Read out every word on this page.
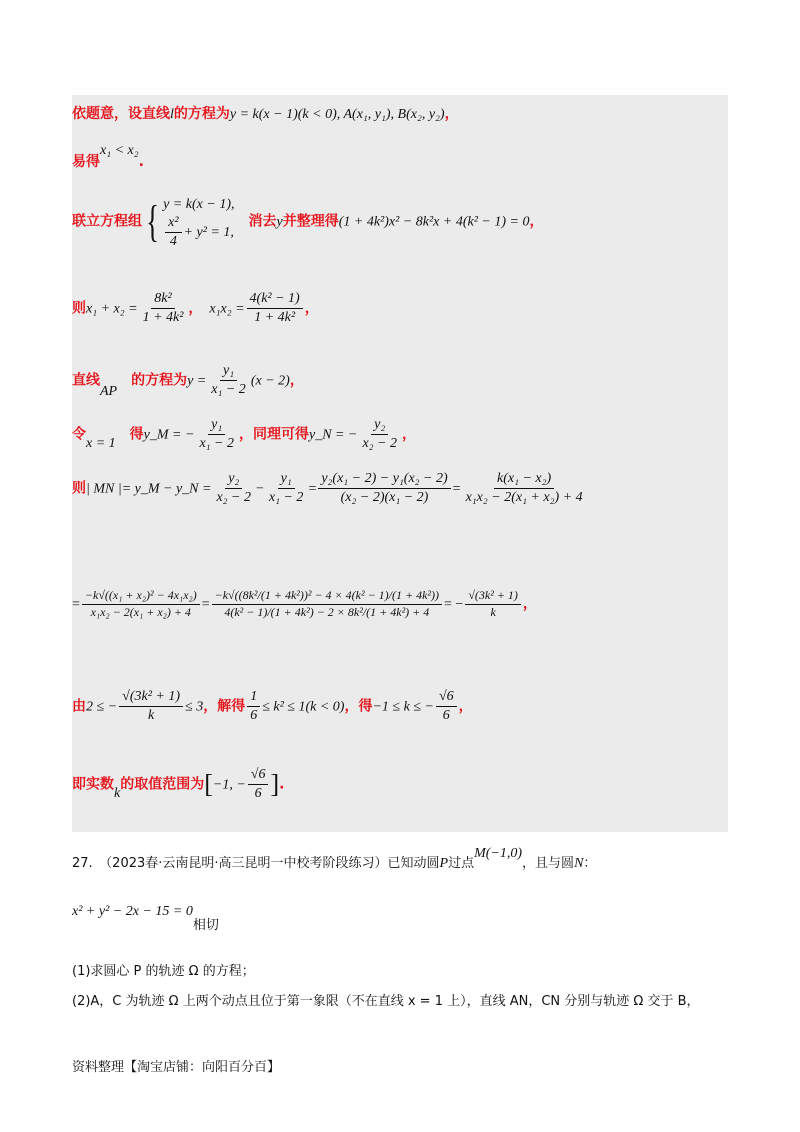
依题意，设直线l的方程为y = k(x − 1)(k < 0), A(x₁, y₁), B(x₂, y₂)，
易得x₁ < x₂.
联立方程组{ y = k(x − 1),
$\frac{\text{x²}}{4} + y^2 = 1$,
　消去y并整理得(1 + 4k²)x² − 8k²x + 4(k² − 1) = 0，
则$x_1 + x_2 = \frac{\text{8k²}}{\text{1 + 4k²}}$ ，　 $x_1x_2 = \frac{\text{4(k² − 1)}}{\text{1 + 4k²}}$ ，
直线AP　的方程为$y = \frac{\text{y₁}}{\text{x₁ − 2}} (x - 2)$，
令x = 1　得y_M = − $\frac{\text{y₁}}{\text{x₁ − 2}}$ ，同理可得y_N = − $\frac{\text{y₂}}{\text{x₂ − 2}}$ ，
则| MN |= y_M − y_N = $\frac{\text{y₂}}{\text{x₂ − 2}} - \frac{\text{y₁}}{\text{x₁ − 2}} = \frac{\text{y₂(x₁ − 2) − y₁(x₂ − 2)}}{\text{(x₂ − 2)(x₁ − 2)}} = \frac{\text{k(x₁ − x₂)}}{\text{x₁x₂ − 2(x₁ + x₂) + 4}}$
= $\frac{\text{−k√((x₁ + x₂)² − 4x₁x₂)}}{\text{x₁x₂ − 2(x₁ + x₂) + 4}} = \frac{\text{−k√((8k²/(1 + 4k²))² − 4 × 4(k² − 1)/(1 + 4k²))}}{\text{4(k² − 1)/(1 + 4k²) − 2 × 8k²/(1 + 4k²) + 4}}$ = − $\frac{\text{√(3k² + 1)}}{k}$ ，
由2 ≤ − $\frac{\text{√(3k² + 1)}}{k} \le 3$，解得 $\frac{1}{6} \le k^2 \le 1(k < 0)$，得−1 ≤ k ≤ − $\frac{√6}{6}$ ，
即实数k的取值范围为[−1, − $\frac{√6}{6}$ ].
27.　（2023春·云南昆明·高三昆明一中校考阶段练习）已知动圆P过点M(−1,0)，且与圆N：
x² + y² − 2x − 15 = 0相切
(1)求圆心 P 的轨迹 Ω 的方程；
(2)A，C 为轨迹 Ω 上两个动点且位于第一象限（不在直线 x = 1 上），直线 AN，CN 分别与轨迹 Ω 交于 B，
资料整理【淘宝店铺：向阳百分百】
